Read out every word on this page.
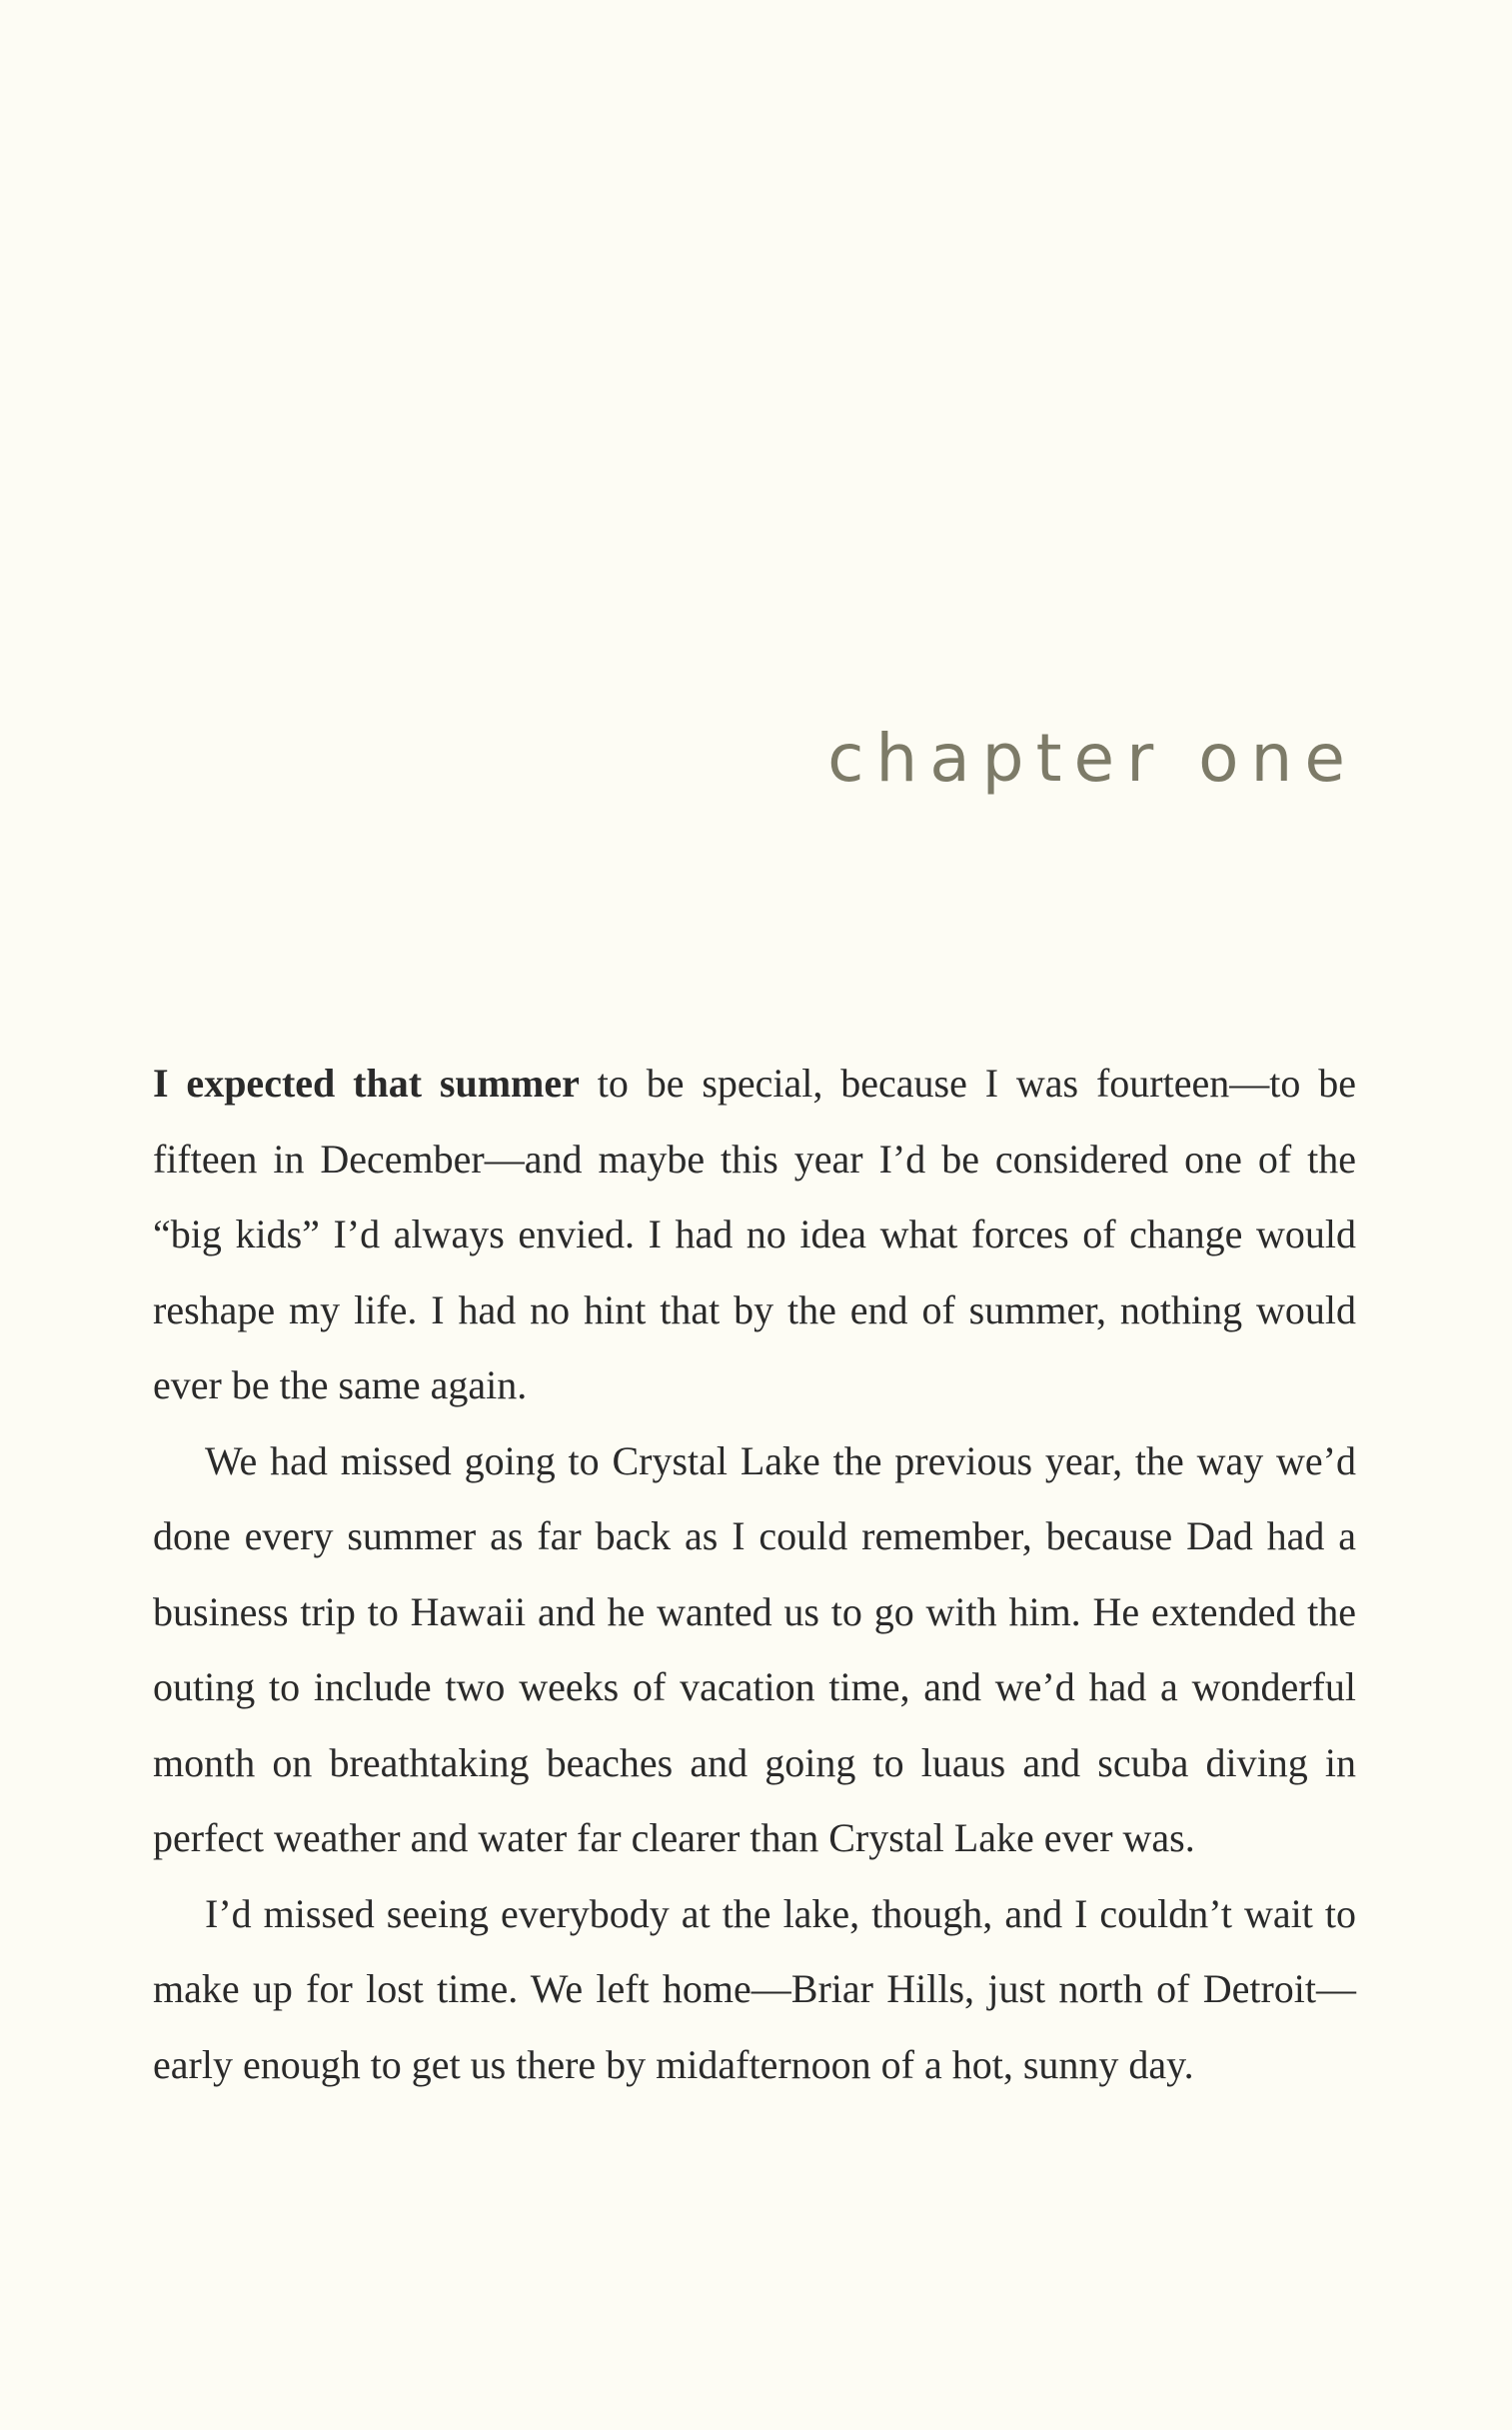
chapter one

I expected that summer to be special, because I was fourteen—to be fifteen in December—and maybe this year I’d be considered one of the “big kids” I’d always envied. I had no idea what forces of change would reshape my life. I had no hint that by the end of summer, nothing would ever be the same again.

We had missed going to Crystal Lake the previous year, the way we’d done every summer as far back as I could remember, because Dad had a business trip to Hawaii and he wanted us to go with him. He extended the outing to include two weeks of vacation time, and we’d had a wonderful month on breathtaking beaches and going to luaus and scuba diving in perfect weather and water far clearer than Crystal Lake ever was.

I’d missed seeing everybody at the lake, though, and I couldn’t wait to make up for lost time. We left home—Briar Hills, just north of Detroit—early enough to get us there by midafternoon of a hot, sunny day.
